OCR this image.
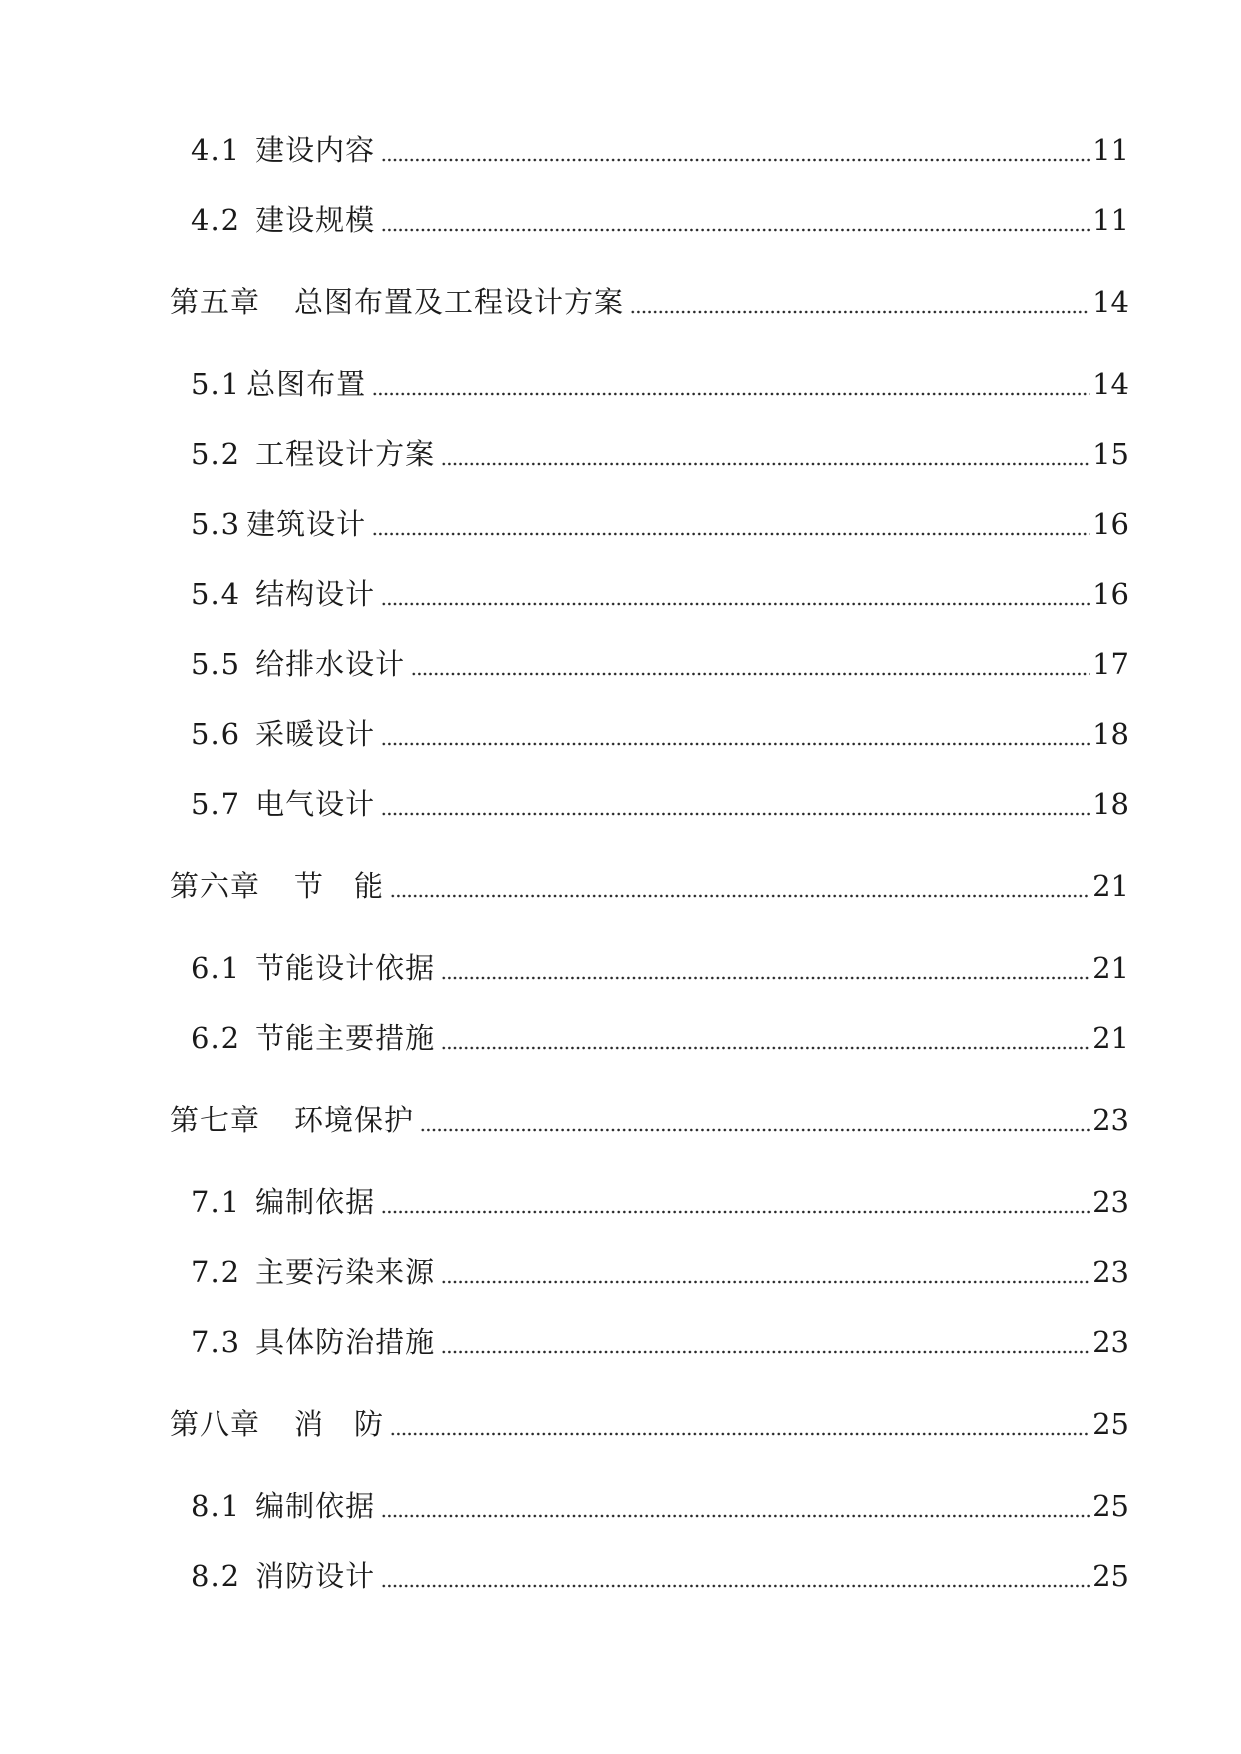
4.1 建设内容	11
4.2 建设规模	11
第五章 总图布置及工程设计方案	14
5.1 总图布置	14
5.2 工程设计方案	15
5.3 建筑设计	16
5.4 结构设计	16
5.5 给排水设计	17
5.6 采暖设计	18
5.7 电气设计	18
第六章 节　能	21
6.1 节能设计依据	21
6.2 节能主要措施	21
第七章 环境保护	23
7.1 编制依据	23
7.2 主要污染来源	23
7.3 具体防治措施	23
第八章 消　防	25
8.1 编制依据	25
8.2 消防设计	25
